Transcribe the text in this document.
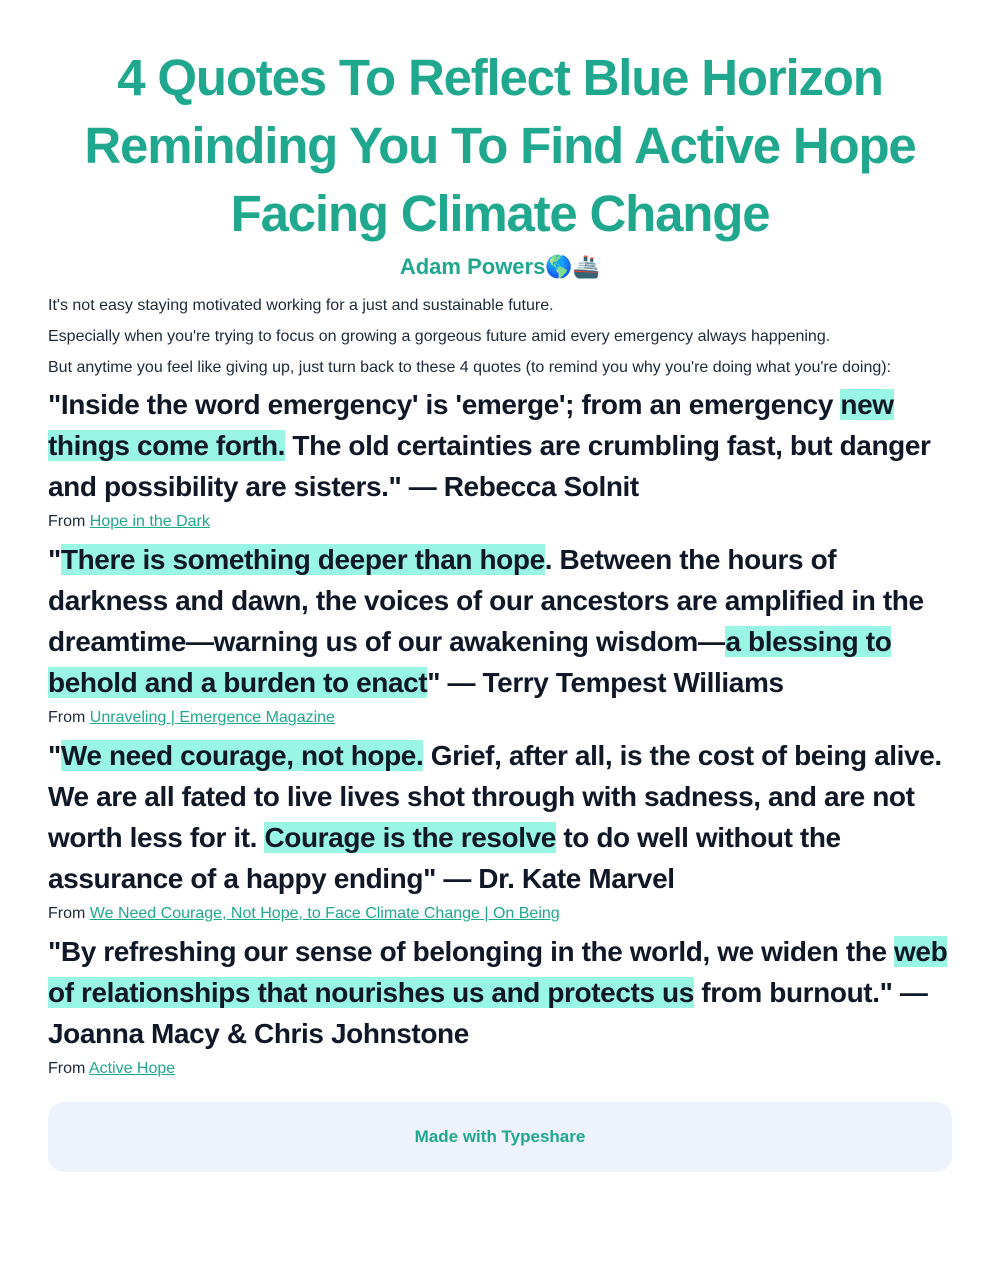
4 Quotes To Reflect Blue Horizon Reminding You To Find Active Hope Facing Climate Change
Adam Powers🌎🚢

It's not easy staying motivated working for a just and sustainable future.

Especially when you're trying to focus on growing a gorgeous future amid every emergency always happening.

But anytime you feel like giving up, just turn back to these 4 quotes (to remind you why you're doing what you're doing):

"Inside the word emergency' is 'emerge'; from an emergency new things come forth. The old certainties are crumbling fast, but danger and possibility are sisters." — Rebecca Solnit

From Hope in the Dark

"There is something deeper than hope. Between the hours of darkness and dawn, the voices of our ancestors are amplified in the dreamtime—warning us of our awakening wisdom—a blessing to behold and a burden to enact" — Terry Tempest Williams

From Unraveling | Emergence Magazine

"We need courage, not hope. Grief, after all, is the cost of being alive. We are all fated to live lives shot through with sadness, and are not worth less for it. Courage is the resolve to do well without the assurance of a happy ending" — Dr. Kate Marvel

From We Need Courage, Not Hope, to Face Climate Change | On Being

"By refreshing our sense of belonging in the world, we widen the web of relationships that nourishes us and protects us from burnout." — Joanna Macy & Chris Johnstone

From Active Hope
Made with Typeshare
